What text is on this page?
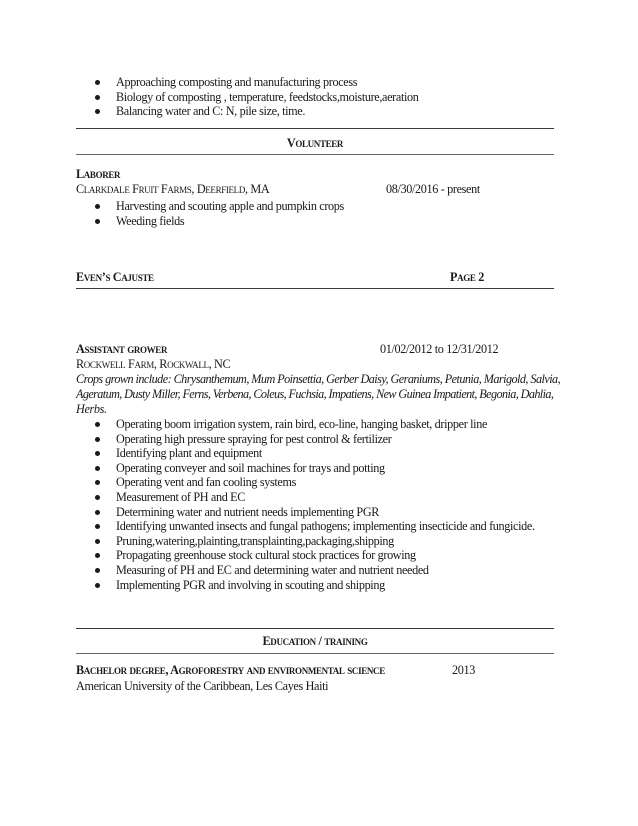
Approaching composting and manufacturing process
Biology of composting , temperature, feedstocks,moisture,aeration
Balancing water and C: N, pile size, time.
Volunteer
Laborer
Clarkdale Fruit Farms, Deerfield, MA	08/30/2016 - present
Harvesting and scouting apple and pumpkin crops
Weeding fields
Even’s Cajuste	Page 2
Assistant grower	01/02/2012 to 12/31/2012
Rockwell Farm, Rockwall, NC
Crops grown include: Chrysanthemum, Mum Poinsettia, Gerber Daisy, Geraniums, Petunia, Marigold, Salvia,
Ageratum, Dusty Miller, Ferns, Verbena, Coleus, Fuchsia, Impatiens, New Guinea Impatient, Begonia, Dahlia,
Herbs.
Operating boom irrigation system, rain bird, eco-line, hanging basket, dripper line
Operating high pressure spraying for pest control & fertilizer
Identifying plant and equipment
Operating conveyer and soil machines for trays and potting
Operating vent and fan cooling systems
Measurement of PH and EC
Determining water and nutrient needs implementing PGR
Identifying unwanted insects and fungal pathogens; implementing insecticide and fungicide.
Pruning,watering,plainting,transplainting,packaging,shipping
Propagating greenhouse stock cultural stock practices for growing
Measuring of PH and EC and determining water and nutrient needed
Implementing PGR and involving in scouting and shipping
Education / training
Bachelor degree, Agroforestry and environmental science	2013
American University of the Caribbean, Les Cayes Haiti
